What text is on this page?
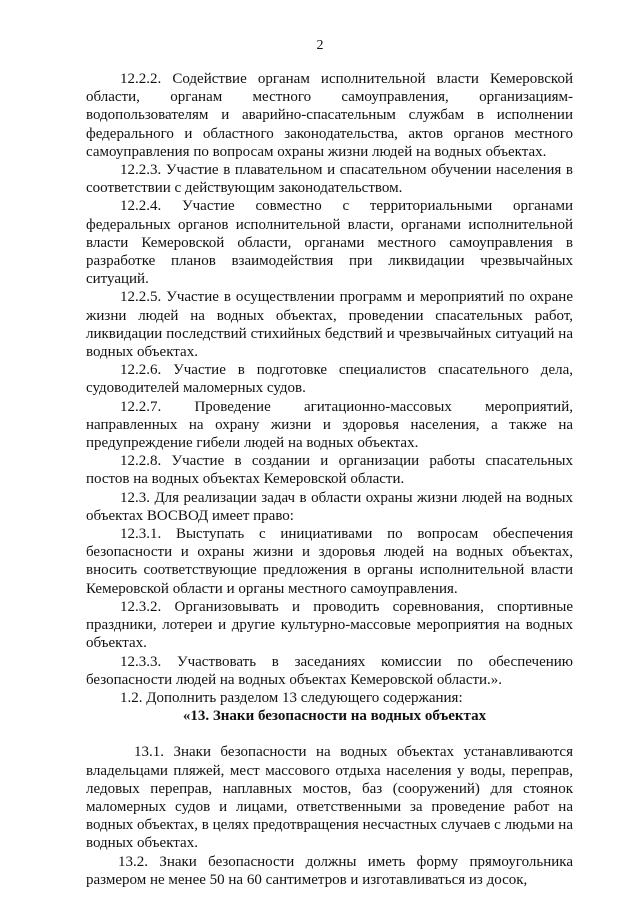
2

12.2.2. Содействие органам исполнительной власти Кемеровской области, органам местного самоуправления, организациям-водопользователям и аварийно-спасательным службам в исполнении федерального и областного законодательства, актов органов местного самоуправления по вопросам охраны жизни людей на водных объектах.

12.2.3. Участие в плавательном и спасательном обучении населения в соответствии с действующим законодательством.

12.2.4. Участие совместно с территориальными органами федеральных органов исполнительной власти, органами исполнительной власти Кемеровской области, органами местного самоуправления в разработке планов взаимодействия при ликвидации чрезвычайных ситуаций.

12.2.5. Участие в осуществлении программ и мероприятий по охране жизни людей на водных объектах, проведении спасательных работ, ликвидации последствий стихийных бедствий и чрезвычайных ситуаций на водных объектах.

12.2.6. Участие в подготовке специалистов спасательного дела, судоводителей маломерных судов.

12.2.7. Проведение агитационно-массовых мероприятий, направленных на охрану жизни и здоровья населения, а также на предупреждение гибели людей на водных объектах.

12.2.8. Участие в создании и организации работы спасательных постов на водных объектах Кемеровской области.

12.3. Для реализации задач в области охраны жизни людей на водных объектах ВОСВОД имеет право:

12.3.1. Выступать с инициативами по вопросам обеспечения безопасности и охраны жизни и здоровья людей на водных объектах, вносить соответствующие предложения в органы исполнительной власти Кемеровской области и органы местного самоуправления.

12.3.2. Организовывать и проводить соревнования, спортивные праздники, лотереи и другие культурно-массовые мероприятия на водных объектах.

12.3.3. Участвовать в заседаниях комиссии по обеспечению безопасности людей на водных объектах Кемеровской области.».

1.2. Дополнить разделом 13 следующего содержания:

«13. Знаки безопасности на водных объектах

13.1. Знаки безопасности на водных объектах устанавливаются владельцами пляжей, мест массового отдыха населения у воды, переправ, ледовых переправ, наплавных мостов, баз (сооружений) для стоянок маломерных судов и лицами, ответственными за проведение работ на водных объектах, в целях предотвращения несчастных случаев с людьми на водных объектах.

13.2. Знаки безопасности должны иметь форму прямоугольника размером не менее 50 на 60 сантиметров и изготавливаться из досок,
